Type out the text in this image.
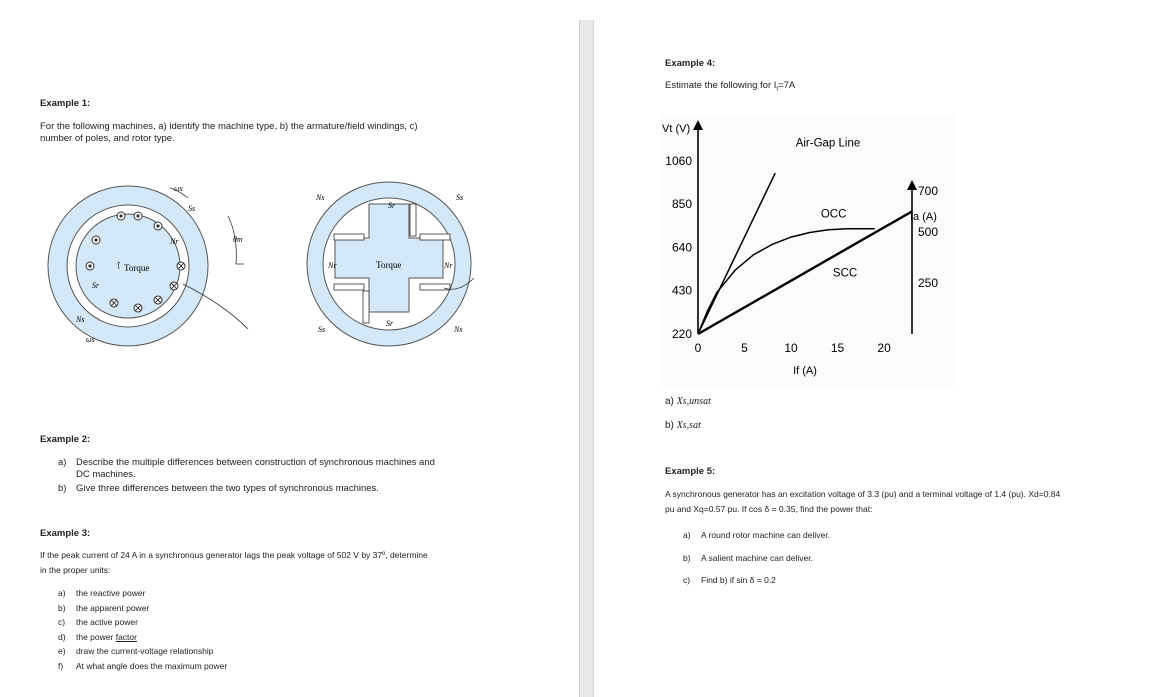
Example 1:
For the following machines, a) identify the machine type, b) the armature/field windings, c)
number of poles, and rotor type.
Torque
ωs
Ss
θm
Nr
Sr
Ns
ωs
Torque
Ns
Sr
Ss
Nr	Nr
Ss
Sr
Ns
Example 2:
a)	Describe the multiple differences between construction of synchronous machines and
DC machines.
b)	Give three differences between the two types of synchronous machines.
Example 3:
If the peak current of 24 A in a synchronous generator lags the peak voltage of 502 V by 37º, determine
in the proper units:
a)	the reactive power
b)	the apparent power
c)	the active power
d)	the power factor
e)	draw the current-voltage relationship
f)	At what angle does the maximum power
Example 4:
Estimate the following for $I_f=7A$
Vt (V)
Ia (A)
If (A)
0	5	10	15	20
220
430
640
850
1060
250
500
700
Air-Gap Line
OCC
SCC
a) Xs,unsat
b) Xs,sat
Example 5:
A synchronous generator has an excitation voltage of 3.3 (pu) and a terminal voltage of 1.4 (pu). Xd=0.84
pu and Xq=0.57 pu. If cos δ = 0.35, find the power that:
a)	A round rotor machine can deliver.
b)	A salient machine can deliver.
c)	Find b) if sin δ = 0.2
